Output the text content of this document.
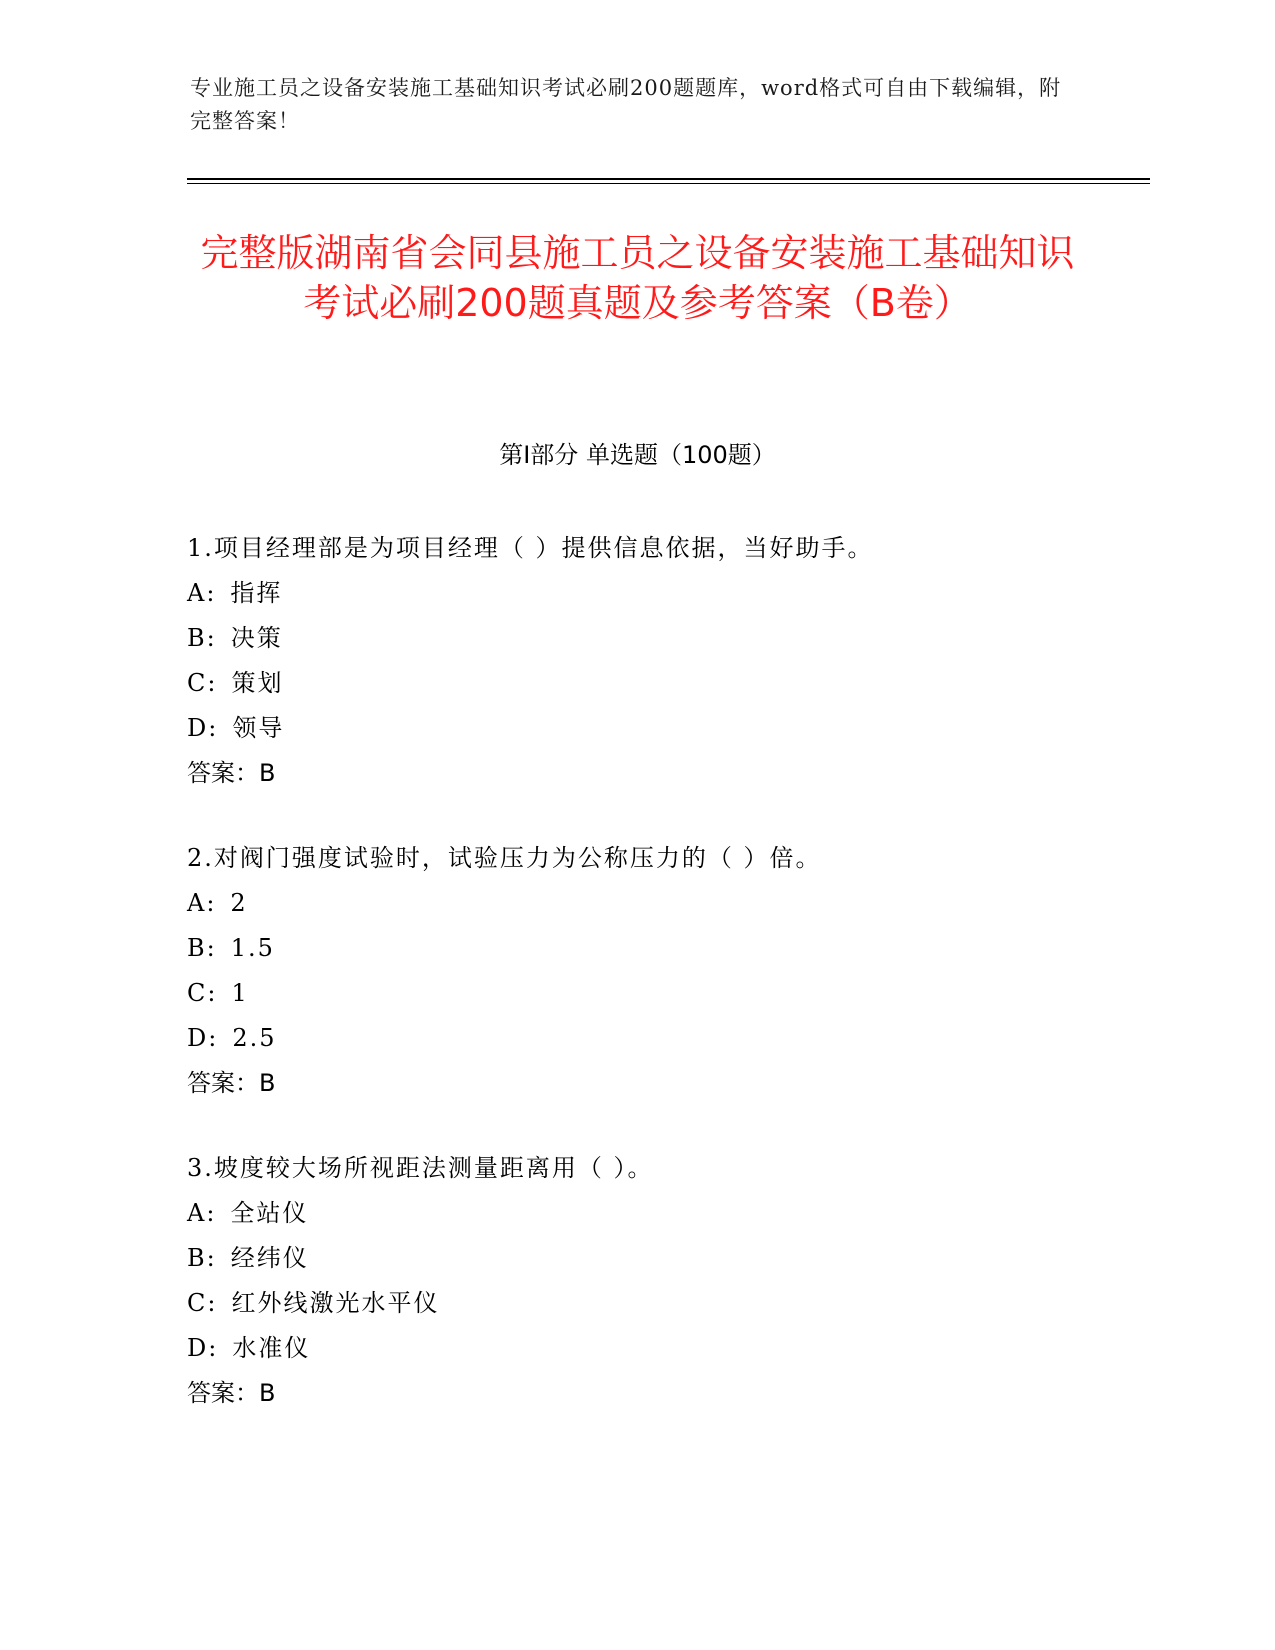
专业施工员之设备安装施工基础知识考试必刷200题题库，word格式可自由下载编辑，附完整答案！
完整版湖南省会同县施工员之设备安装施工基础知识考试必刷200题真题及参考答案（B卷）
第Ⅰ部分 单选题（100题）
1.项目经理部是为项目经理（ ）提供信息依据，当好助手。
A: 指挥
B: 决策
C: 策划
D: 领导
答案：B
2.对阀门强度试验时，试验压力为公称压力的（ ）倍。
A: 2
B: 1.5
C: 1
D: 2.5
答案：B
3.坡度较大场所视距法测量距离用（ ）。
A: 全站仪
B: 经纬仪
C: 红外线激光水平仪
D: 水准仪
答案：B
